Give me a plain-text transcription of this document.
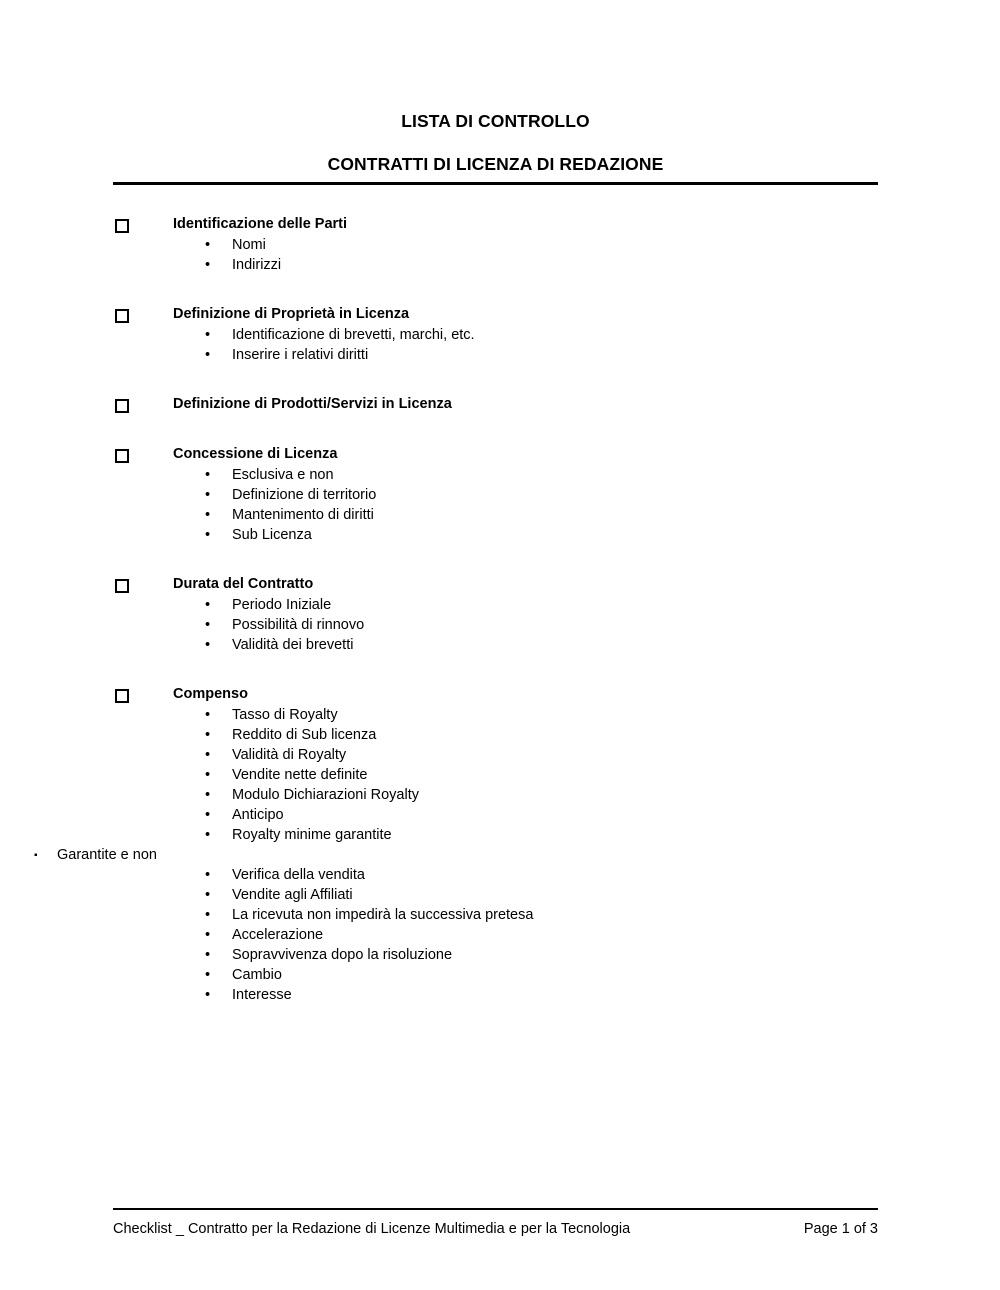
LISTA DI CONTROLLO
CONTRATTI DI LICENZA DI REDAZIONE
Identificazione delle Parti
•	Nomi
•	Indirizzi
Definizione di Proprietà in Licenza
•	Identificazione di brevetti, marchi, etc.
•	Inserire i relativi diritti
Definizione di Prodotti/Servizi in Licenza
Concessione di Licenza
•	Esclusiva e non
•	Definizione di territorio
•	Mantenimento di diritti
•	Sub Licenza
Durata del Contratto
•	Periodo Iniziale
•	Possibilità di rinnovo
•	Validità dei brevetti
Compenso
•	Tasso di Royalty
•	Reddito di Sub licenza
•	Validità di Royalty
•	Vendite nette definite
•	Modulo Dichiarazioni Royalty
•	Anticipo
•	Royalty minime garantite
▪ Garantite e non
•	Verifica della vendita
•	Vendite agli Affiliati
•	La ricevuta non impedirà la successiva pretesa
•	Accelerazione
•	Sopravvivenza dopo la risoluzione
•	Cambio
•	Interesse
Checklist _ Contratto per la Redazione di Licenze Multimedia e per la Tecnologia	Page 1 of 3
